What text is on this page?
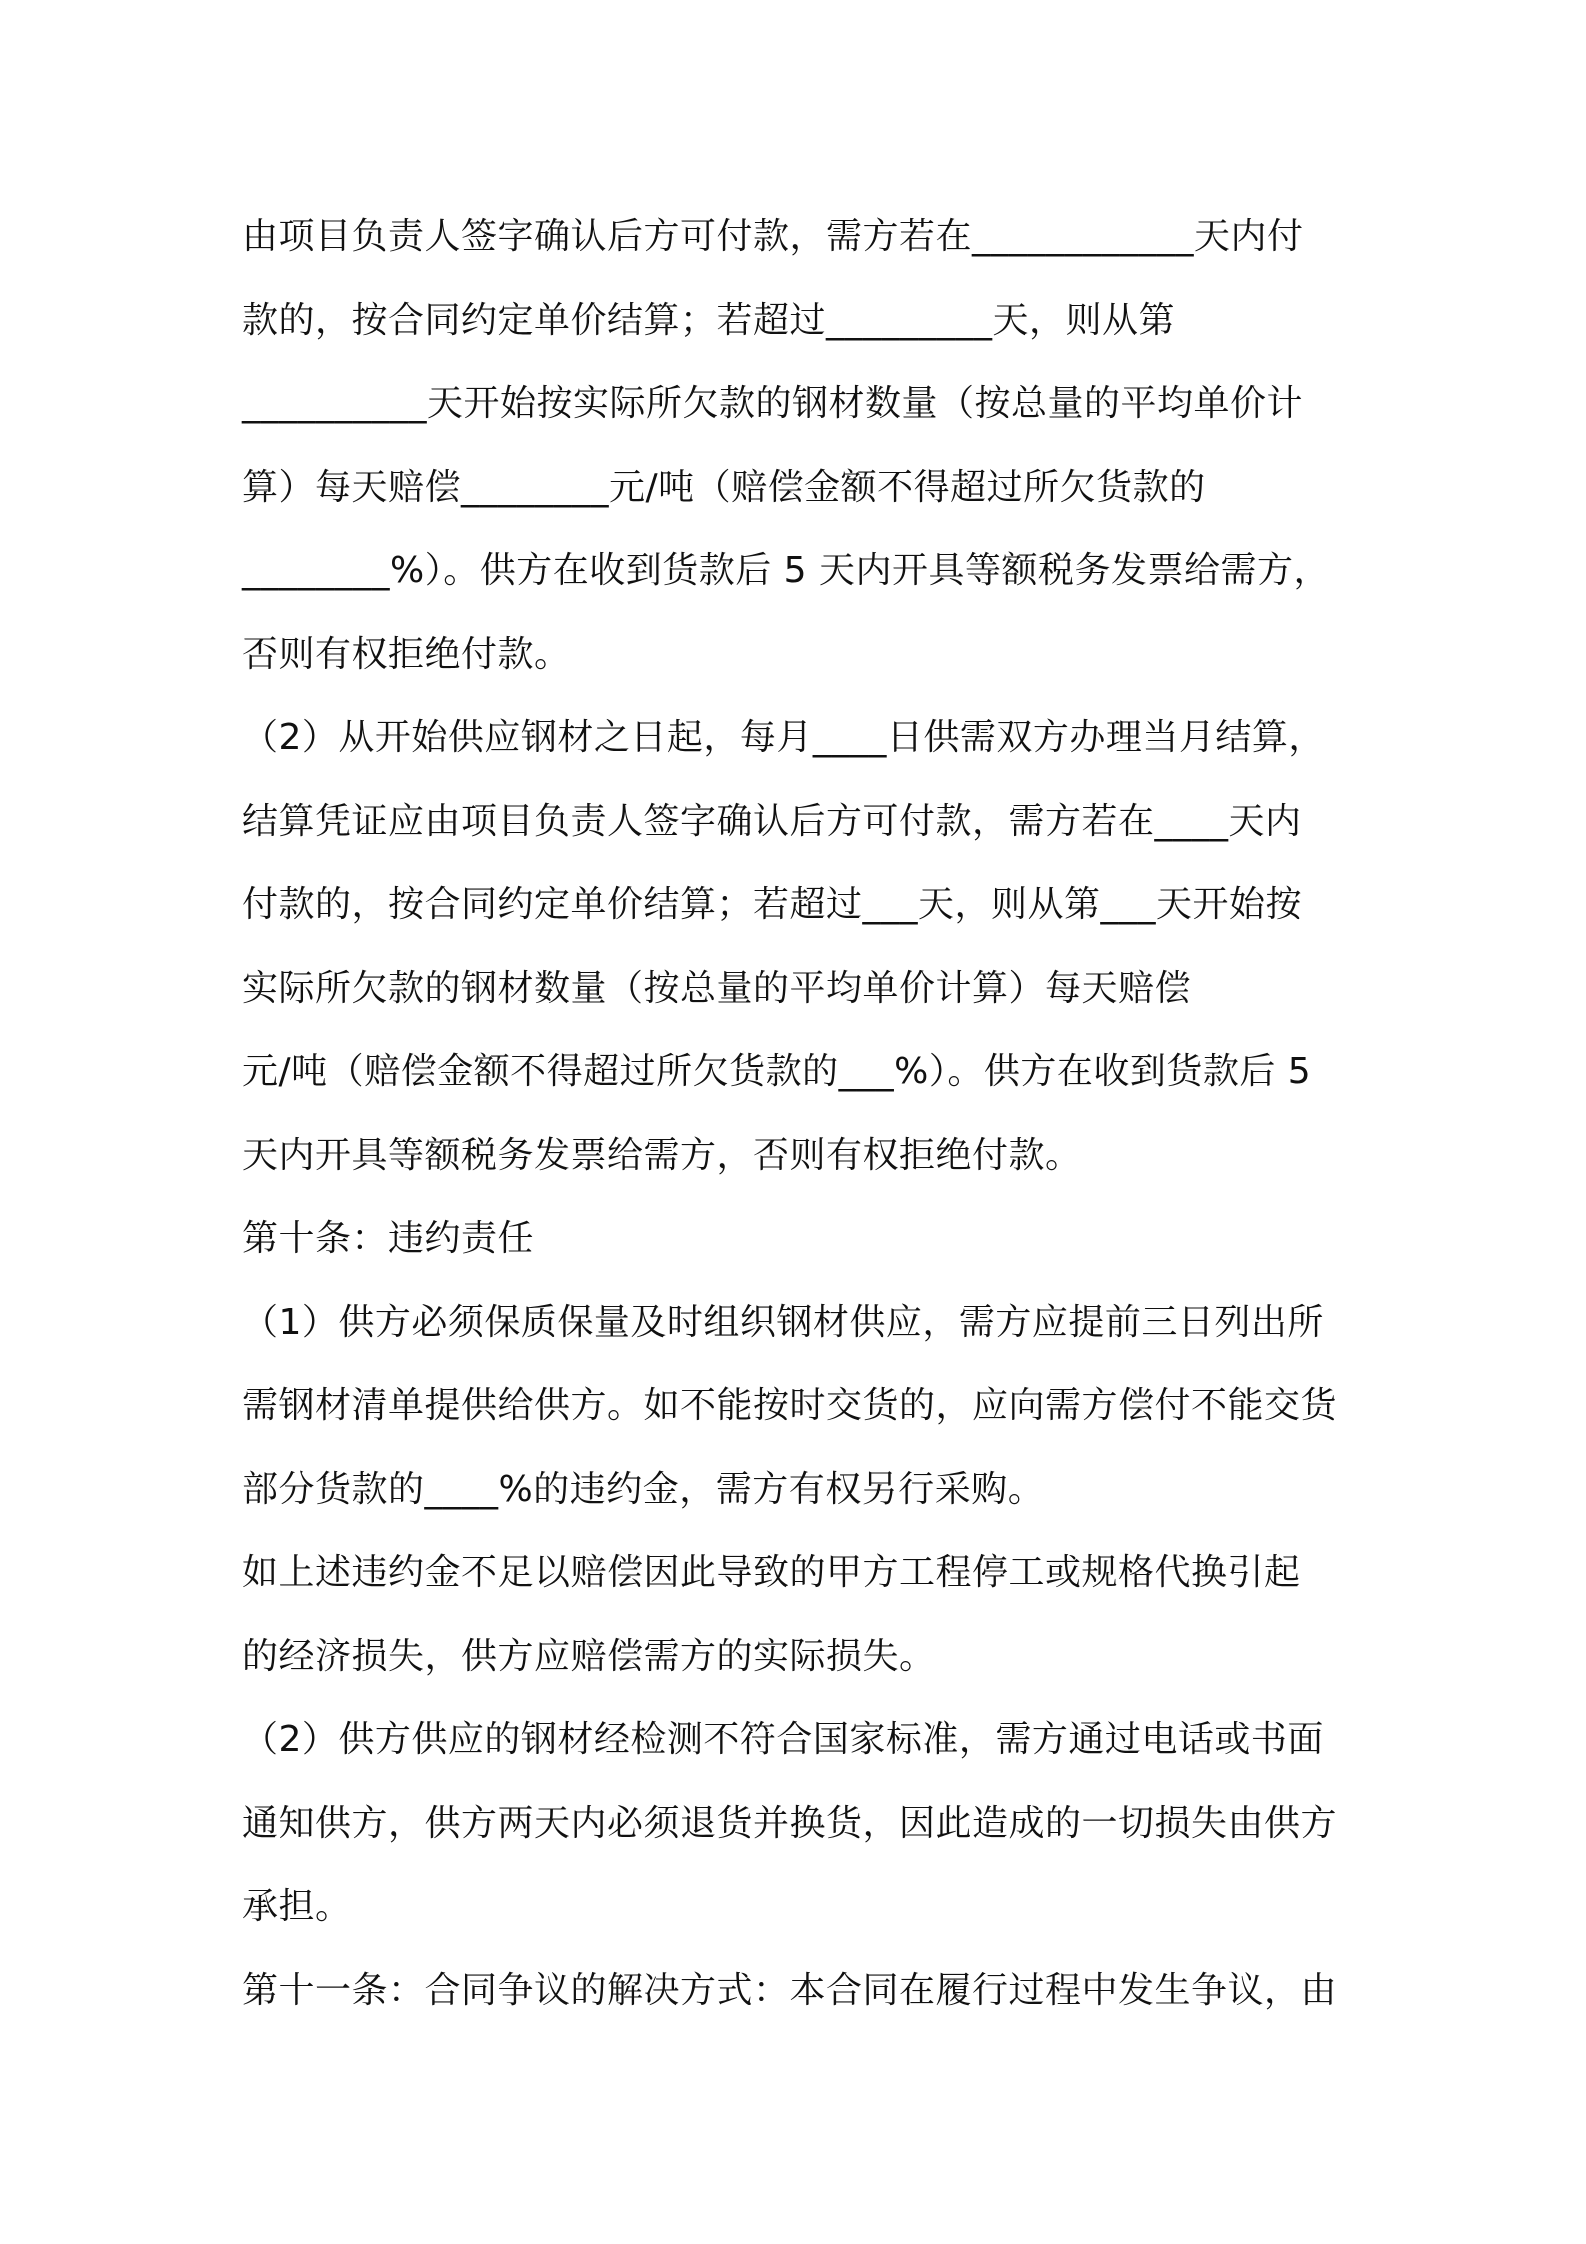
由项目负责人签字确认后方可付款，需方若在____________天内付
款的，按合同约定单价结算；若超过_________天，则从第
__________天开始按实际所欠款的钢材数量（按总量的平均单价计
算）每天赔偿________元/吨（赔偿金额不得超过所欠货款的
________%）。供方在收到货款后 5 天内开具等额税务发票给需方，
否则有权拒绝付款。
（2）从开始供应钢材之日起，每月____日供需双方办理当月结算，
结算凭证应由项目负责人签字确认后方可付款，需方若在____天内
付款的，按合同约定单价结算；若超过___天，则从第___天开始按
实际所欠款的钢材数量（按总量的平均单价计算）每天赔偿
元/吨（赔偿金额不得超过所欠货款的___%）。供方在收到货款后 5
天内开具等额税务发票给需方，否则有权拒绝付款。
第十条：违约责任
（1）供方必须保质保量及时组织钢材供应，需方应提前三日列出所
需钢材清单提供给供方。如不能按时交货的，应向需方偿付不能交货
部分货款的____%的违约金，需方有权另行采购。
如上述违约金不足以赔偿因此导致的甲方工程停工或规格代换引起
的经济损失，供方应赔偿需方的实际损失。
（2）供方供应的钢材经检测不符合国家标准，需方通过电话或书面
通知供方，供方两天内必须退货并换货，因此造成的一切损失由供方
承担。
第十一条：合同争议的解决方式：本合同在履行过程中发生争议，由
